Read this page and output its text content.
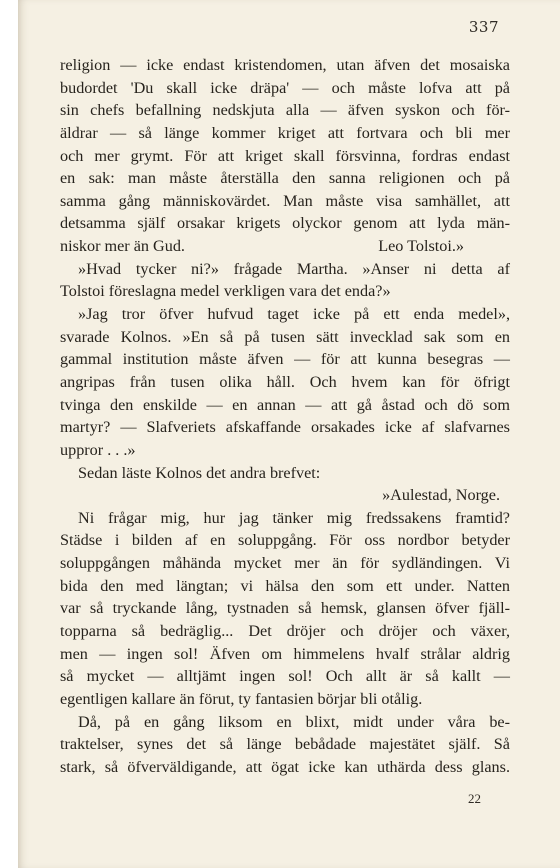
337
religion — icke endast kristendomen, utan äfven det mosaiska
budordet 'Du skall icke dräpa' — och måste lofva att på
sin chefs befallning nedskjuta alla — äfven syskon och för-
äldrar — så länge kommer kriget att fortvara och bli mer
och mer grymt. För att kriget skall försvinna, fordras endast
en sak: man måste återställa den sanna religionen och på
samma gång människovärdet. Man måste visa samhället, att
detsamma själf orsakar krigets olyckor genom att lyda män-
niskor mer än Gud.	Leo Tolstoi.»
»Hvad tycker ni?» frågade Martha. »Anser ni detta af
Tolstoi föreslagna medel verkligen vara det enda?»
»Jag tror öfver hufvud taget icke på ett enda medel»,
svarade Kolnos. »En så på tusen sätt invecklad sak som en
gammal institution måste äfven — för att kunna besegras —
angripas från tusen olika håll. Och hvem kan för öfrigt
tvinga den enskilde — en annan — att gå åstad och dö som
martyr? — Slafveriets afskaffande orsakades icke af slafvarnes
uppror . . .»
Sedan läste Kolnos det andra brefvet:
»Aulestad, Norge.
Ni frågar mig, hur jag tänker mig fredssakens framtid?
Städse i bilden af en soluppgång. För oss nordbor betyder
soluppgången måhända mycket mer än för sydländingen. Vi
bida den med längtan; vi hälsa den som ett under. Natten
var så tryckande lång, tystnaden så hemsk, glansen öfver fjäll-
topparna så bedräglig... Det dröjer och dröjer och växer,
men — ingen sol! Äfven om himmelens hvalf strålar aldrig
så mycket — alltjämt ingen sol! Och allt är så kallt —
egentligen kallare än förut, ty fantasien börjar bli otålig.
Då, på en gång liksom en blixt, midt under våra be-
traktelser, synes det så länge bebådade majestätet själf. Så
stark, så öfverväldigande, att ögat icke kan uthärda dess glans.
22
